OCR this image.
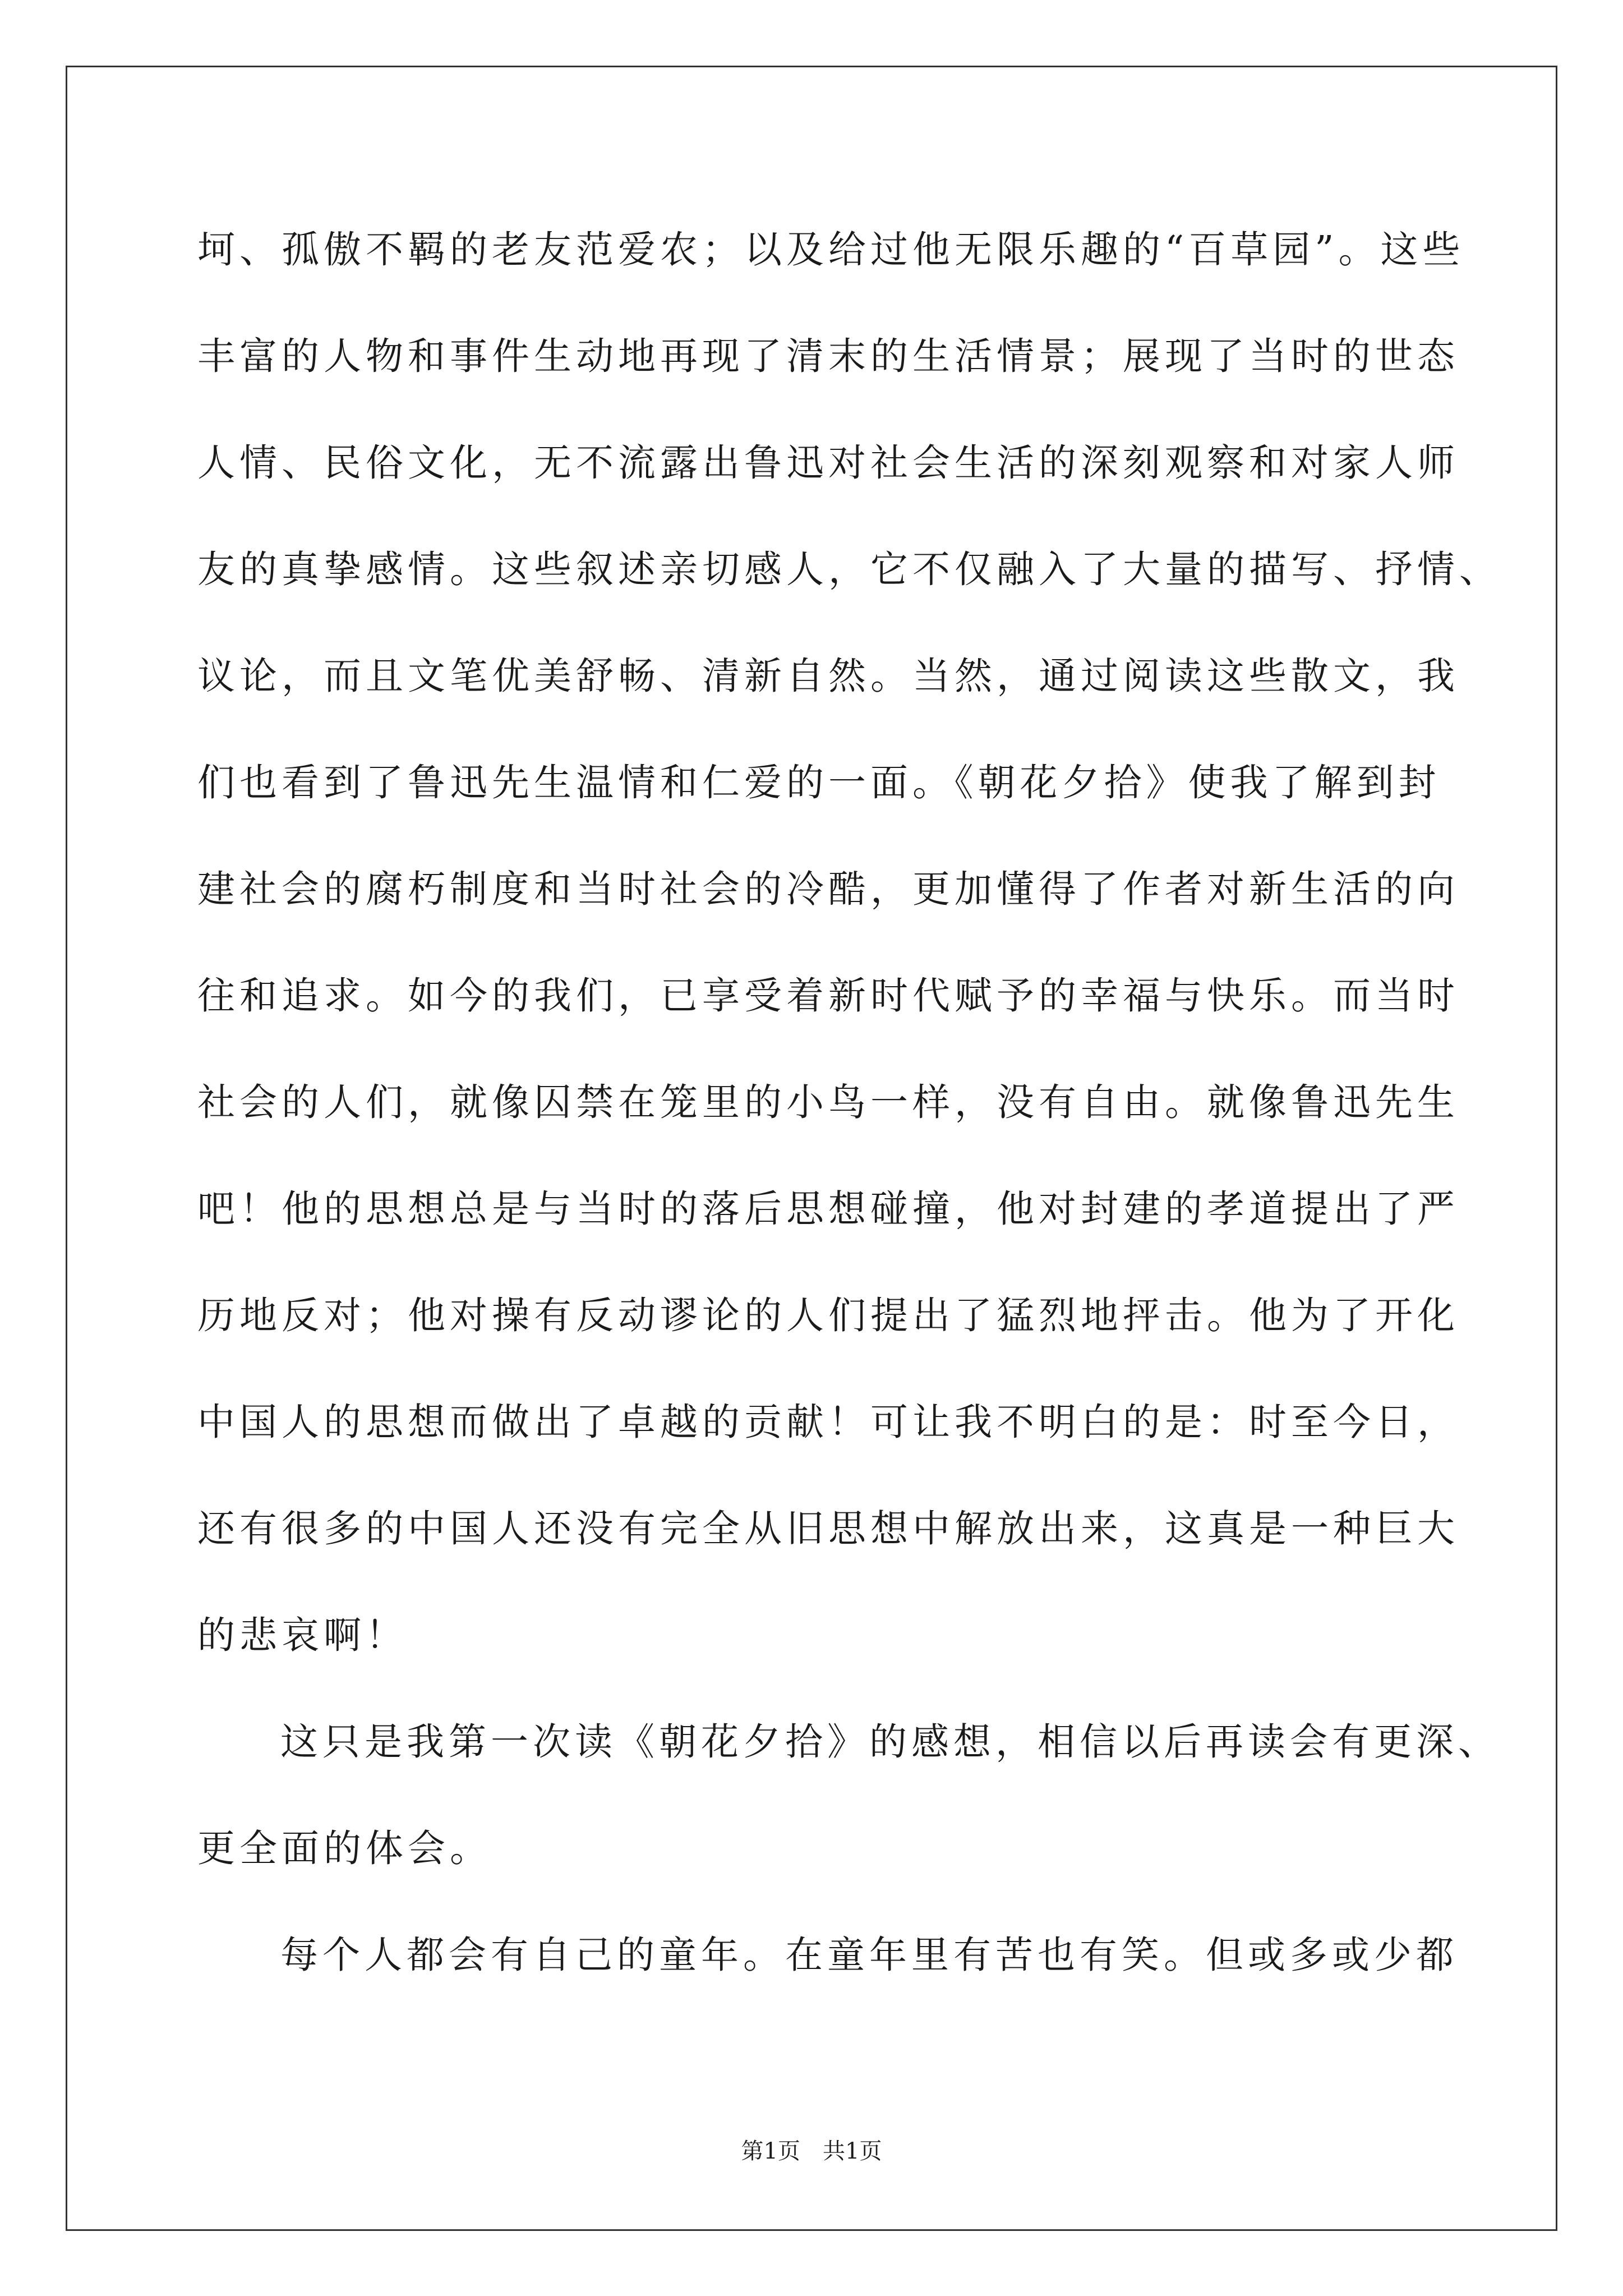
坷、孤傲不羁的老友范爱农；以及给过他无限乐趣的“百草园”。这些
丰富的人物和事件生动地再现了清末的生活情景；展现了当时的世态
人情、民俗文化，无不流露出鲁迅对社会生活的深刻观察和对家人师
友的真挚感情。这些叙述亲切感人，它不仅融入了大量的描写、抒情、
议论，而且文笔优美舒畅、清新自然。当然，通过阅读这些散文，我
们也看到了鲁迅先生温情和仁爱的一面。《朝花夕拾》使我了解到封
建社会的腐朽制度和当时社会的冷酷，更加懂得了作者对新生活的向
往和追求。如今的我们，已享受着新时代赋予的幸福与快乐。而当时
社会的人们，就像囚禁在笼里的小鸟一样，没有自由。就像鲁迅先生
吧！他的思想总是与当时的落后思想碰撞，他对封建的孝道提出了严
历地反对；他对操有反动谬论的人们提出了猛烈地抨击。他为了开化
中国人的思想而做出了卓越的贡献！可让我不明白的是：时至今日，
还有很多的中国人还没有完全从旧思想中解放出来，这真是一种巨大
的悲哀啊！
这只是我第一次读《朝花夕拾》的感想，相信以后再读会有更深、
更全面的体会。
每个人都会有自己的童年。在童年里有苦也有笑。但或多或少都
第1页　共1页
